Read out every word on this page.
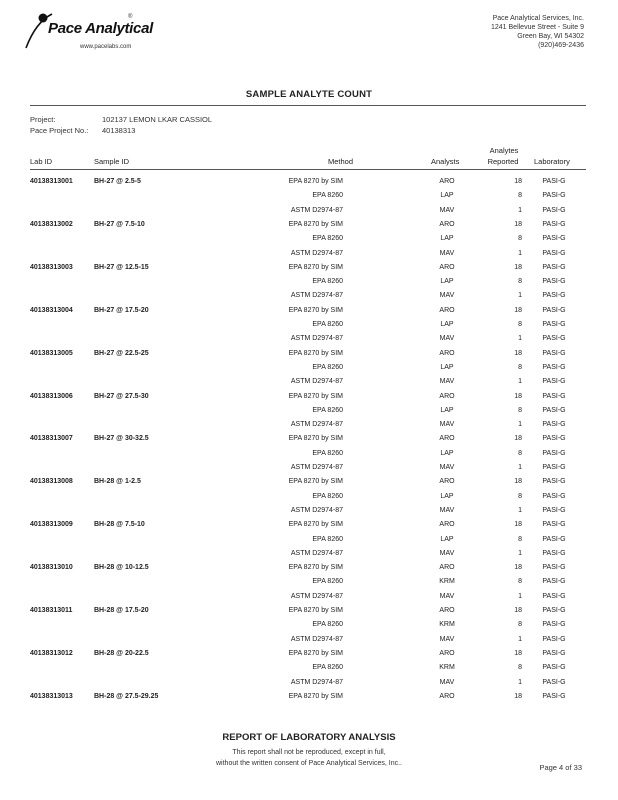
Pace Analytical
®
www.pacelabs.com
Pace Analytical Services, Inc.
1241 Bellevue Street - Suite 9
Green Bay, WI 54302
(920)469-2436
SAMPLE ANALYTE COUNT
Project:	102137 LEMON LKAR CASSIOL
Pace Project No.: 40138313
Lab ID	Sample ID	Method	Analysts
Analytes
Reported	Laboratory
40138313001	BH-27 @ 2.5-5	EPA 8270 by SIM	ARO	18	PASI-G
EPA 8260	LAP	8	PASI-G
ASTM D2974-87	MAV	1	PASI-G
40138313002	BH-27 @ 7.5-10	EPA 8270 by SIM	ARO	18	PASI-G
EPA 8260	LAP	8	PASI-G
ASTM D2974-87	MAV	1	PASI-G
40138313003	BH-27 @ 12.5-15	EPA 8270 by SIM	ARO	18	PASI-G
EPA 8260	LAP	8	PASI-G
ASTM D2974-87	MAV	1	PASI-G
40138313004	BH-27 @ 17.5-20	EPA 8270 by SIM	ARO	18	PASI-G
EPA 8260	LAP	8	PASI-G
ASTM D2974-87	MAV	1	PASI-G
40138313005	BH-27 @ 22.5-25	EPA 8270 by SIM	ARO	18	PASI-G
EPA 8260	LAP	8	PASI-G
ASTM D2974-87	MAV	1	PASI-G
40138313006	BH-27 @ 27.5-30	EPA 8270 by SIM	ARO	18	PASI-G
EPA 8260	LAP	8	PASI-G
ASTM D2974-87	MAV	1	PASI-G
40138313007	BH-27 @ 30-32.5	EPA 8270 by SIM	ARO	18	PASI-G
EPA 8260	LAP	8	PASI-G
ASTM D2974-87	MAV	1	PASI-G
40138313008	BH-28 @ 1-2.5	EPA 8270 by SIM	ARO	18	PASI-G
EPA 8260	LAP	8	PASI-G
ASTM D2974-87	MAV	1	PASI-G
40138313009	BH-28 @ 7.5-10	EPA 8270 by SIM	ARO	18	PASI-G
EPA 8260	LAP	8	PASI-G
ASTM D2974-87	MAV	1	PASI-G
40138313010	BH-28 @ 10-12.5	EPA 8270 by SIM	ARO	18	PASI-G
EPA 8260	KRM	8	PASI-G
ASTM D2974-87	MAV	1	PASI-G
40138313011	BH-28 @ 17.5-20	EPA 8270 by SIM	ARO	18	PASI-G
EPA 8260	KRM	8	PASI-G
ASTM D2974-87	MAV	1	PASI-G
40138313012	BH-28 @ 20-22.5	EPA 8270 by SIM	ARO	18	PASI-G
EPA 8260	KRM	8	PASI-G
ASTM D2974-87	MAV	1	PASI-G
40138313013	BH-28 @ 27.5-29.25	EPA 8270 by SIM	ARO	18	PASI-G
REPORT OF LABORATORY ANALYSIS
This report shall not be reproduced, except in full,
without the written consent of Pace Analytical Services, Inc..	Page 4 of 33
